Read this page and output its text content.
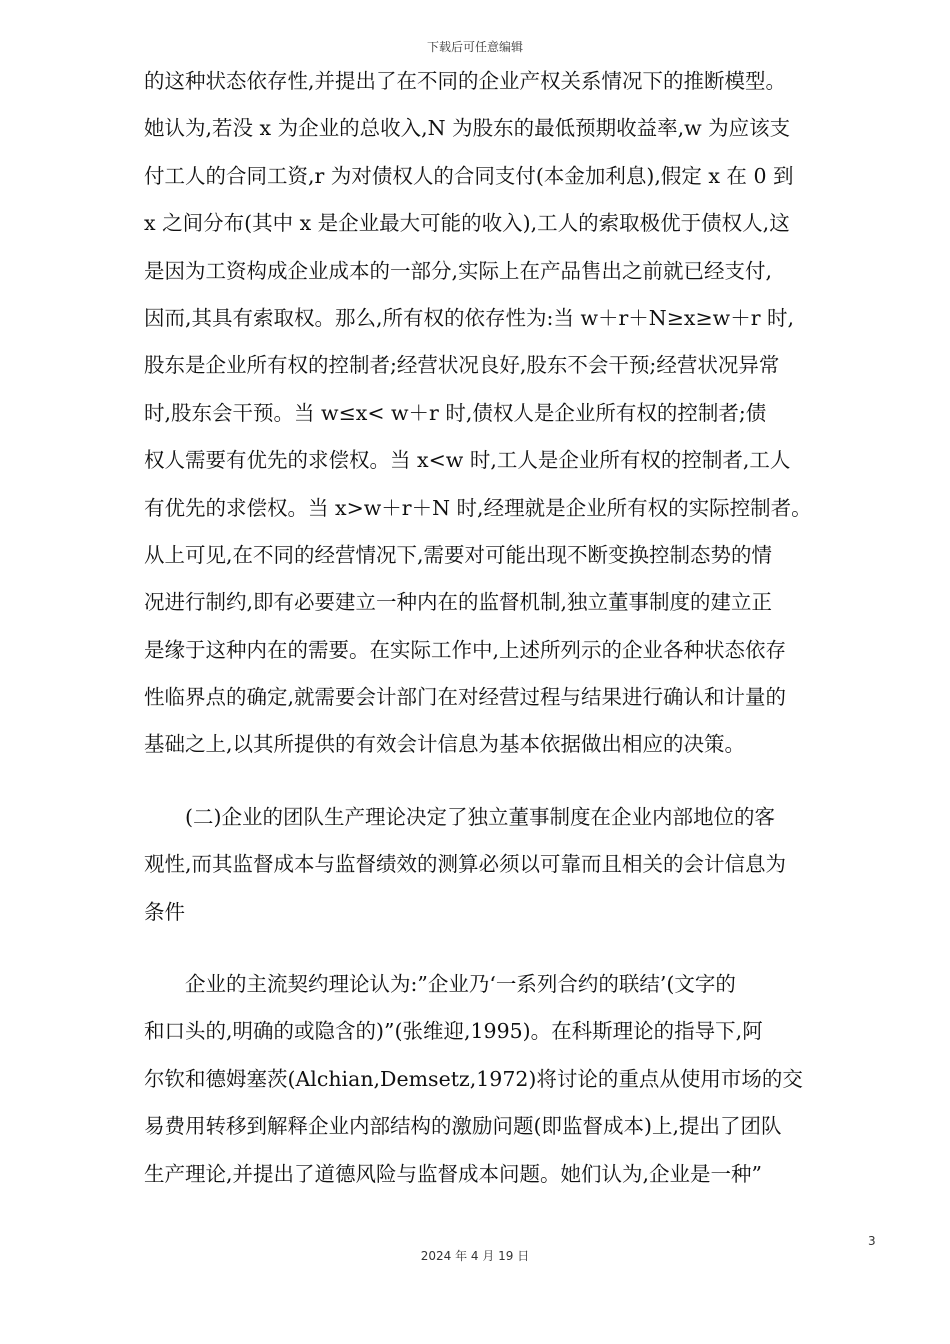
下载后可任意编辑
的这种状态依存性,并提出了在不同的企业产权关系情况下的推断模型。
她认为,若没 x 为企业的总收入,N 为股东的最低预期收益率,w 为应该支
付工人的合同工资,r 为对债权人的合同支付(本金加利息),假定 x 在 0 到
x 之间分布(其中 x 是企业最大可能的收入),工人的索取极优于债权人,这
是因为工资构成企业成本的一部分,实际上在产品售出之前就已经支付,
因而,其具有索取权。那么,所有权的依存性为:当 w＋r＋N≥x≥w＋r 时,
股东是企业所有权的控制者;经营状况良好,股东不会干预;经营状况异常
时,股东会干预。当 w≤x< w＋r 时,债权人是企业所有权的控制者;债
权人需要有优先的求偿权。当 x<w 时,工人是企业所有权的控制者,工人
有优先的求偿权。当 x>w＋r＋N 时,经理就是企业所有权的实际控制者。
从上可见,在不同的经营情况下,需要对可能出现不断变换控制态势的情
况进行制约,即有必要建立一种内在的监督机制,独立董事制度的建立正
是缘于这种内在的需要。在实际工作中,上述所列示的企业各种状态依存
性临界点的确定,就需要会计部门在对经营过程与结果进行确认和计量的
基础之上,以其所提供的有效会计信息为基本依据做出相应的决策。
　　(二)企业的团队生产理论决定了独立董事制度在企业内部地位的客
观性,而其监督成本与监督绩效的测算必须以可靠而且相关的会计信息为
条件
　　企业的主流契约理论认为:”企业乃‘一系列合约的联结’(文字的
和口头的,明确的或隐含的)”(张维迎,1995)。在科斯理论的指导下,阿
尔钦和德姆塞茨(Alchian,Demsetz,1972)将讨论的重点从使用市场的交
易费用转移到解释企业内部结构的激励问题(即监督成本)上,提出了团队
生产理论,并提出了道德风险与监督成本问题。她们认为,企业是一种”
3
2024 年 4 月 19 日
